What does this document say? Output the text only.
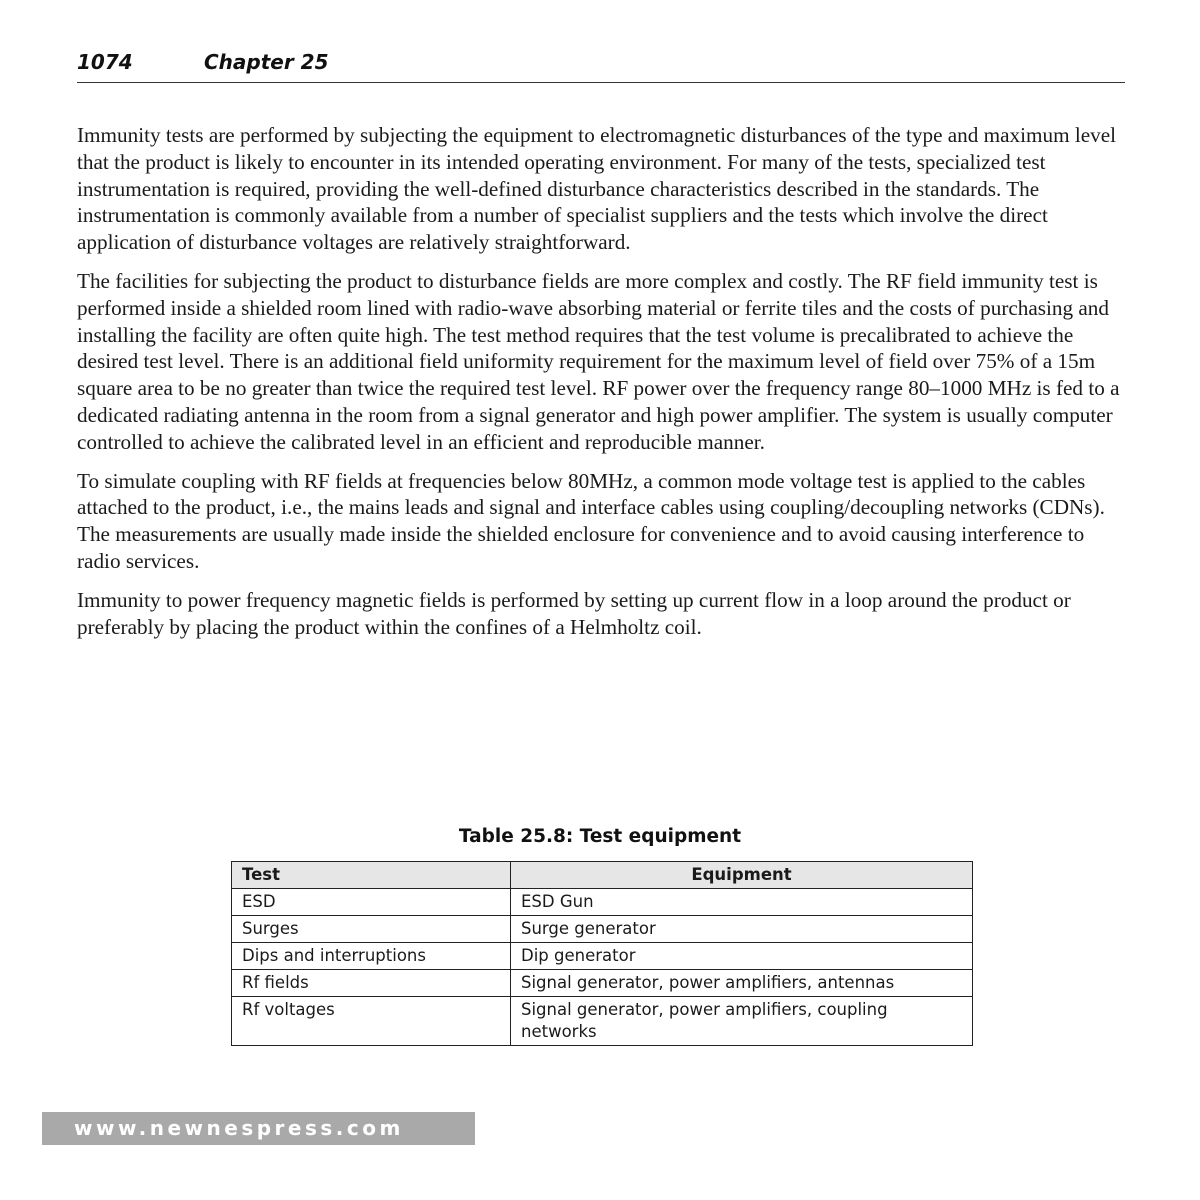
1074	Chapter 25

Immunity tests are performed by subjecting the equipment to electromagnetic disturbances of the type and maximum level that the product is likely to encounter in its intended operating environment. For many of the tests, specialized test instrumentation is required, providing the well-defined disturbance characteristics described in the standards. The instrumentation is commonly available from a number of specialist suppliers and the tests which involve the direct application of disturbance voltages are relatively straightforward.

The facilities for subjecting the product to disturbance fields are more complex and costly. The RF field immunity test is performed inside a shielded room lined with radio-wave absorbing material or ferrite tiles and the costs of purchasing and installing the facility are often quite high. The test method requires that the test volume is precalibrated to achieve the desired test level. There is an additional field uniformity requirement for the maximum level of field over 75% of a 15m square area to be no greater than twice the required test level. RF power over the frequency range 80–1000 MHz is fed to a dedicated radiating antenna in the room from a signal generator and high power amplifier. The system is usually computer controlled to achieve the calibrated level in an efficient and reproducible manner.

To simulate coupling with RF fields at frequencies below 80MHz, a common mode voltage test is applied to the cables attached to the product, i.e., the mains leads and signal and interface cables using coupling/decoupling networks (CDNs). The measurements are usually made inside the shielded enclosure for convenience and to avoid causing interference to radio services.

Immunity to power frequency magnetic fields is performed by setting up current flow in a loop around the product or preferably by placing the product within the confines of a Helmholtz coil.

Table 25.8: Test equipment
Test	Equipment
ESD	ESD Gun
Surges	Surge generator
Dips and interruptions	Dip generator
Rf fields	Signal generator, power amplifiers, antennas
Rf voltages	Signal generator, power amplifiers, coupling networks
www.newnespress.com
